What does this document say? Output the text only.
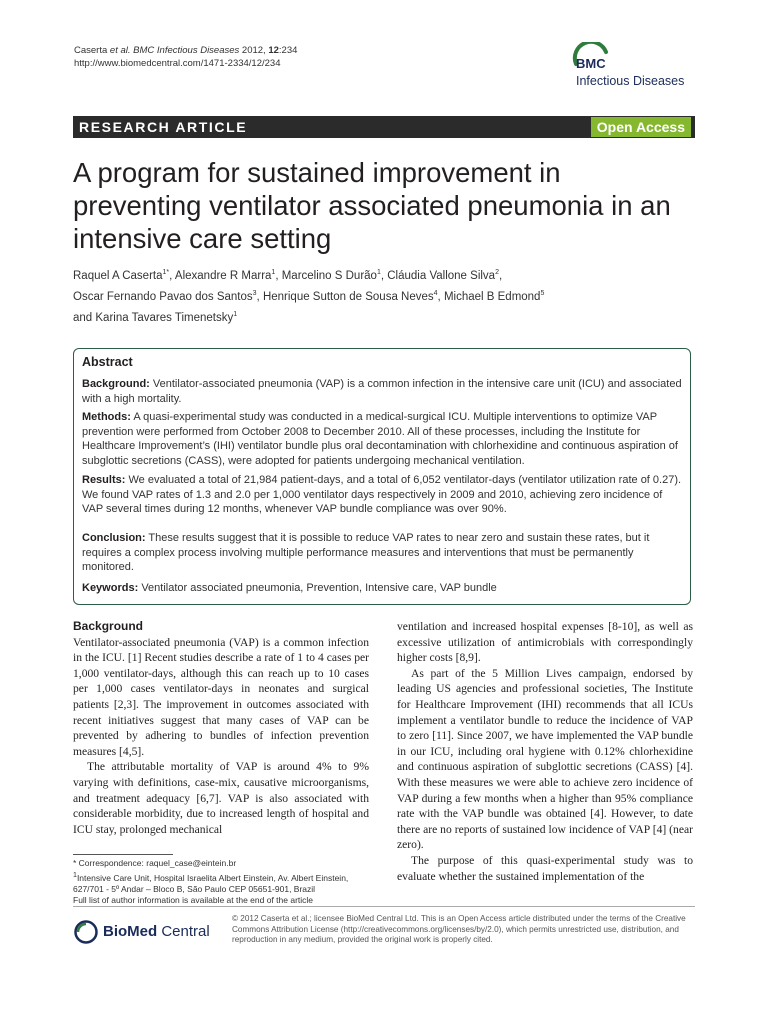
Caserta et al. BMC Infectious Diseases 2012, 12:234
http://www.biomedcentral.com/1471-2334/12/234	BMC
Infectious Diseases
RESEARCH ARTICLE	Open Access
A program for sustained improvement in preventing ventilator associated pneumonia in an intensive care setting
Raquel A Caserta$^{1*}$, Alexandre R Marra$^1$, Marcelino S Durão$^1$, Cláudia Vallone Silva$^2$,
Oscar Fernando Pavao dos Santos$^3$, Henrique Sutton de Sousa Neves$^4$, Michael B Edmond$^5$
and Karina Tavares Timenetsky$^1$
Abstract
Background: Ventilator-associated pneumonia (VAP) is a common infection in the intensive care unit (ICU) and associated with a high mortality.
Methods: A quasi-experimental study was conducted in a medical-surgical ICU. Multiple interventions to optimize VAP prevention were performed from October 2008 to December 2010. All of these processes, including the Institute for Healthcare Improvement’s (IHI) ventilator bundle plus oral decontamination with chlorhexidine and continuous aspiration of subglottic secretions (CASS), were adopted for patients undergoing mechanical ventilation.
Results: We evaluated a total of 21,984 patient-days, and a total of 6,052 ventilator-days (ventilator utilization rate of 0.27). We found VAP rates of 1.3 and 2.0 per 1,000 ventilator days respectively in 2009 and 2010, achieving zero incidence of VAP several times during 12 months, whenever VAP bundle compliance was over 90%.
Conclusion: These results suggest that it is possible to reduce VAP rates to near zero and sustain these rates, but it requires a complex process involving multiple performance measures and interventions that must be permanently monitored.
Keywords: Ventilator associated pneumonia, Prevention, Intensive care, VAP bundle
Background

Ventilator-associated pneumonia (VAP) is a common infection in the ICU. [1] Recent studies describe a rate of 1 to 4 cases per 1,000 ventilator-days, although this can reach up to 10 cases per 1,000 cases ventilator-days in neonates and surgical patients [2,3]. The improvement in outcomes associated with recent initiatives suggest that many cases of VAP can be prevented by adhering to bundles of infection prevention measures [4,5].

The attributable mortality of VAP is around 4% to 9% varying with definitions, case-mix, causative microorganisms, and treatment adequacy [6,7]. VAP is also associated with considerable morbidity, due to increased length of hospital and ICU stay, prolonged mechanical

ventilation and increased hospital expenses [8-10], as well as excessive utilization of antimicrobials with correspondingly higher costs [8,9].

As part of the 5 Million Lives campaign, endorsed by leading US agencies and professional societies, The Institute for Healthcare Improvement (IHI) recommends that all ICUs implement a ventilator bundle to reduce the incidence of VAP to zero [11]. Since 2007, we have implemented the VAP bundle in our ICU, including oral hygiene with 0.12% chlorhexidine and continuous aspiration of subglottic secretions (CASS) [4]. With these measures we were able to achieve zero incidence of VAP during a few months when a higher than 95% compliance rate with the VAP bundle was obtained [4]. However, to date there are no reports of sustained low incidence of VAP [4] (near zero).

The purpose of this quasi-experimental study was to evaluate whether the sustained implementation of the

* Correspondence: raquel_case@eintein.br
$^1$Intensive Care Unit, Hospital Israelita Albert Einstein, Av. Albert Einstein, 627/701 - 5º Andar – Bloco B, São Paulo CEP 05651-901, Brazil
Full list of author information is available at the end of the article
BioMed Central
© 2012 Caserta et al.; licensee BioMed Central Ltd. This is an Open Access article distributed under the terms of the Creative Commons Attribution License (http://creativecommons.org/licenses/by/2.0), which permits unrestricted use, distribution, and reproduction in any medium, provided the original work is properly cited.
